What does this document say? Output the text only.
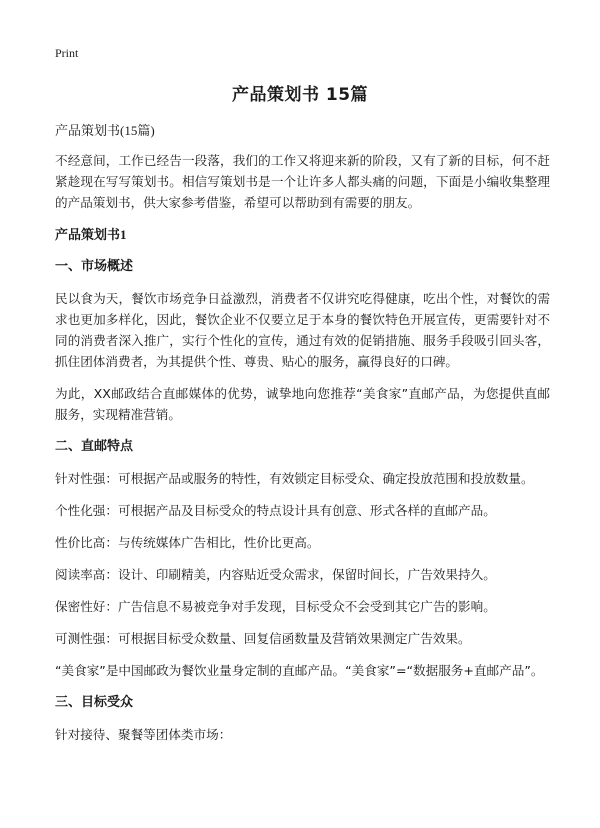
Print
产品策划书 15篇

产品策划书(15篇)

不经意间，工作已经告一段落，我们的工作又将迎来新的阶段，又有了新的目标，何不赶紧趁现在写写策划书。相信写策划书是一个让许多人都头痛的问题，下面是小编收集整理的产品策划书，供大家参考借鉴，希望可以帮助到有需要的朋友。

产品策划书1

一、市场概述

民以食为天，餐饮市场竞争日益激烈，消费者不仅讲究吃得健康，吃出个性，对餐饮的需求也更加多样化，因此，餐饮企业不仅要立足于本身的餐饮特色开展宣传，更需要针对不同的消费者深入推广，实行个性化的宣传，通过有效的促销措施、服务手段吸引回头客，抓住团体消费者，为其提供个性、尊贵、贴心的服务，赢得良好的口碑。

为此，XX邮政结合直邮媒体的优势，诚挚地向您推荐“美食家”直邮产品，为您提供直邮服务，实现精准营销。

二、直邮特点

针对性强：可根据产品或服务的特性，有效锁定目标受众、确定投放范围和投放数量。

个性化强：可根据产品及目标受众的特点设计具有创意、形式各样的直邮产品。

性价比高：与传统媒体广告相比，性价比更高。

阅读率高：设计、印刷精美，内容贴近受众需求，保留时间长，广告效果持久。

保密性好：广告信息不易被竞争对手发现，目标受众不会受到其它广告的影响。

可测性强：可根据目标受众数量、回复信函数量及营销效果测定广告效果。

“美食家”是中国邮政为餐饮业量身定制的直邮产品。“美食家”=“数据服务+直邮产品”。

三、目标受众

针对接待、聚餐等团体类市场：
